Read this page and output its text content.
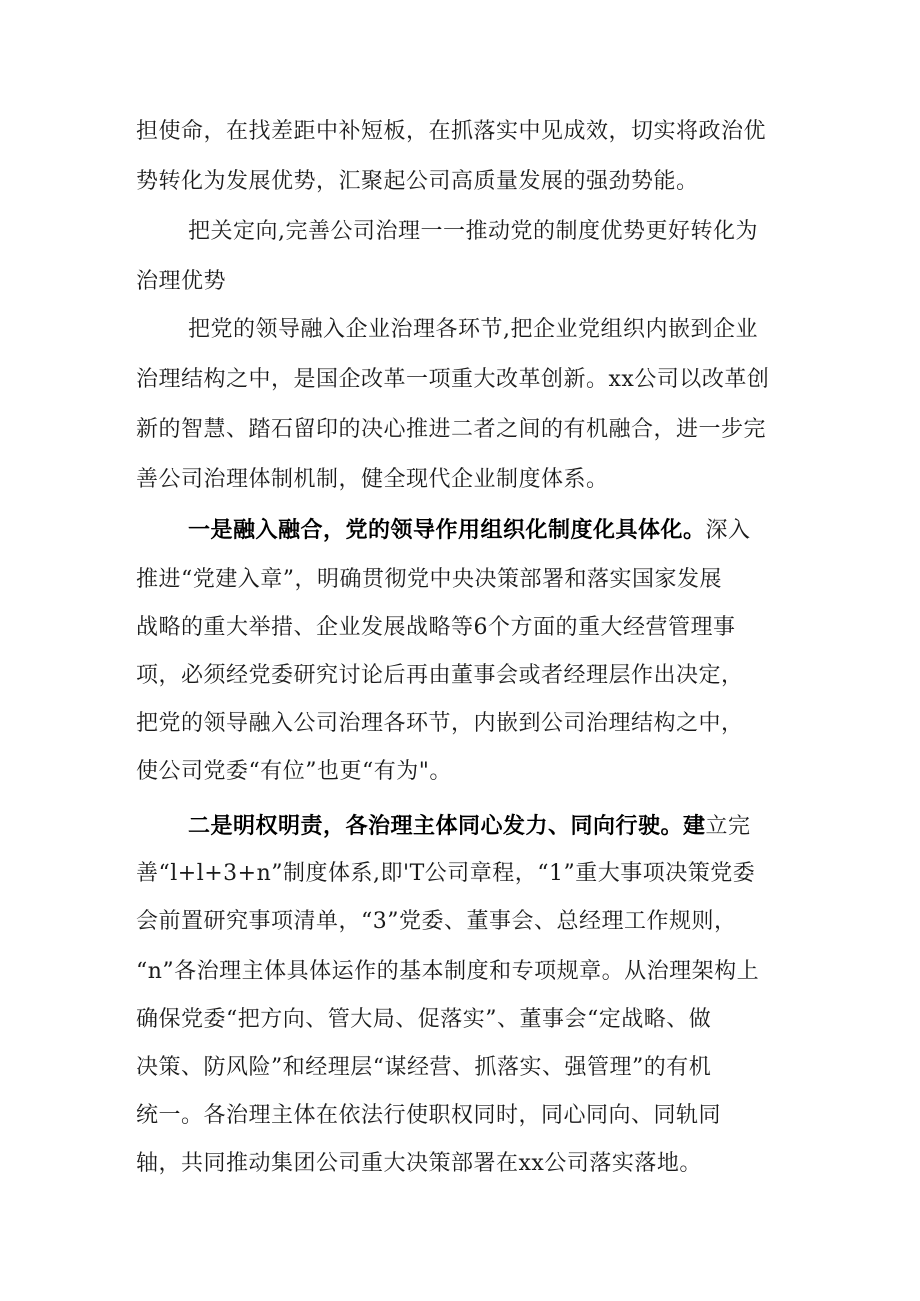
担使命，在找差距中补短板，在抓落实中见成效，切实将政治优
势转化为发展优势，汇聚起公司高质量发展的强劲势能。
把关定向,完善公司治理一一推动党的制度优势更好转化为
治理优势
把党的领导融入企业治理各环节,把企业党组织内嵌到企业
治理结构之中，是国企改革一项重大改革创新。xx公司以改革创
新的智慧、踏石留印的决心推进二者之间的有机融合，进一步完
善公司治理体制机制，健全现代企业制度体系。
一是融入融合，党的领导作用组织化制度化具体化。深入
推进“党建入章”，明确贯彻党中央决策部署和落实国家发展
战略的重大举措、企业发展战略等6个方面的重大经营管理事
项，必须经党委研究讨论后再由董事会或者经理层作出决定，
把党的领导融入公司治理各环节，内嵌到公司治理结构之中，
使公司党委“有位”也更“有为"。
二是明权明责，各治理主体同心发力、同向行驶。建立完
善“l+l+3+n”制度体系,即'T公司章程，“1”重大事项决策党委
会前置研究事项清单，“3”党委、董事会、总经理工作规则，
“n”各治理主体具体运作的基本制度和专项规章。从治理架构上
确保党委“把方向、管大局、促落实”、董事会“定战略、做
决策、防风险”和经理层“谋经营、抓落实、强管理”的有机
统一。各治理主体在依法行使职权同时，同心同向、同轨同
轴，共同推动集团公司重大决策部署在xx公司落实落地。
